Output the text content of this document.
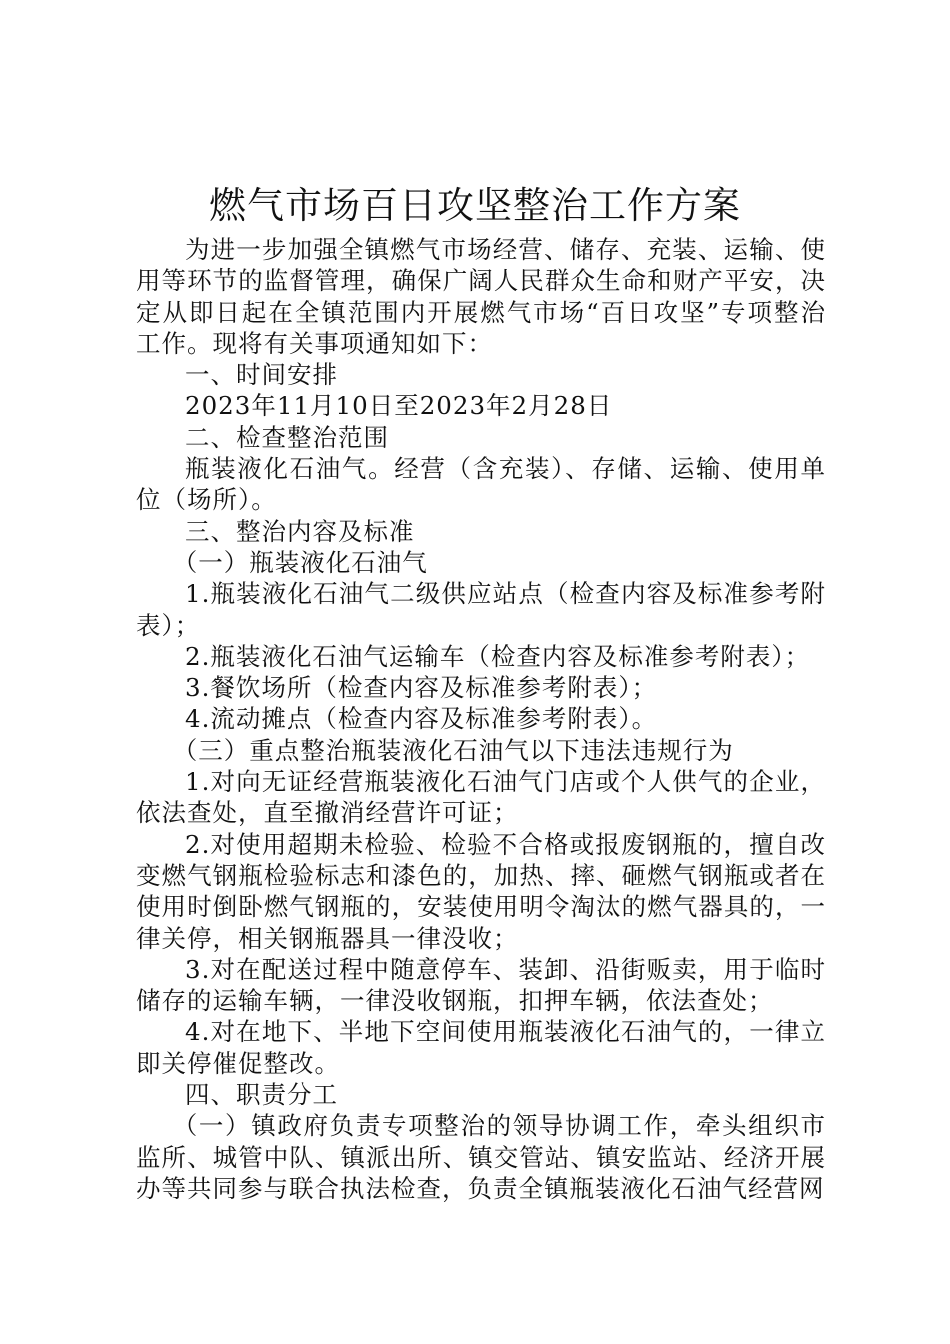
燃气市场百日攻坚整治工作方案

为进一步加强全镇燃气市场经营、储存、充装、运输、使用等环节的监督管理，确保广阔人民群众生命和财产平安，决定从即日起在全镇范围内开展燃气市场“百日攻坚”专项整治工作。现将有关事项通知如下：

一、时间安排

2023年11月10日至2023年2月28日

二、检查整治范围

瓶装液化石油气。经营（含充装）、存储、运输、使用单位（场所）。

三、整治内容及标准

（一）瓶装液化石油气

1.瓶装液化石油气二级供应站点（检查内容及标准参考附表）；

2.瓶装液化石油气运输车（检查内容及标准参考附表）；

3.餐饮场所（检查内容及标准参考附表）；

4.流动摊点（检查内容及标准参考附表）。

（三）重点整治瓶装液化石油气以下违法违规行为

1.对向无证经营瓶装液化石油气门店或个人供气的企业，依法查处，直至撤消经营许可证；

2.对使用超期未检验、检验不合格或报废钢瓶的，擅自改变燃气钢瓶检验标志和漆色的，加热、摔、砸燃气钢瓶或者在使用时倒卧燃气钢瓶的，安装使用明令淘汰的燃气器具的，一律关停，相关钢瓶器具一律没收；

3.对在配送过程中随意停车、装卸、沿街贩卖，用于临时储存的运输车辆，一律没收钢瓶，扣押车辆，依法查处；

4.对在地下、半地下空间使用瓶装液化石油气的，一律立即关停催促整改。

四、职责分工

（一）镇政府负责专项整治的领导协调工作，牵头组织市监所、城管中队、镇派出所、镇交管站、镇安监站、经济开展办等共同参与联合执法检查，负责全镇瓶装液化石油气经营网
